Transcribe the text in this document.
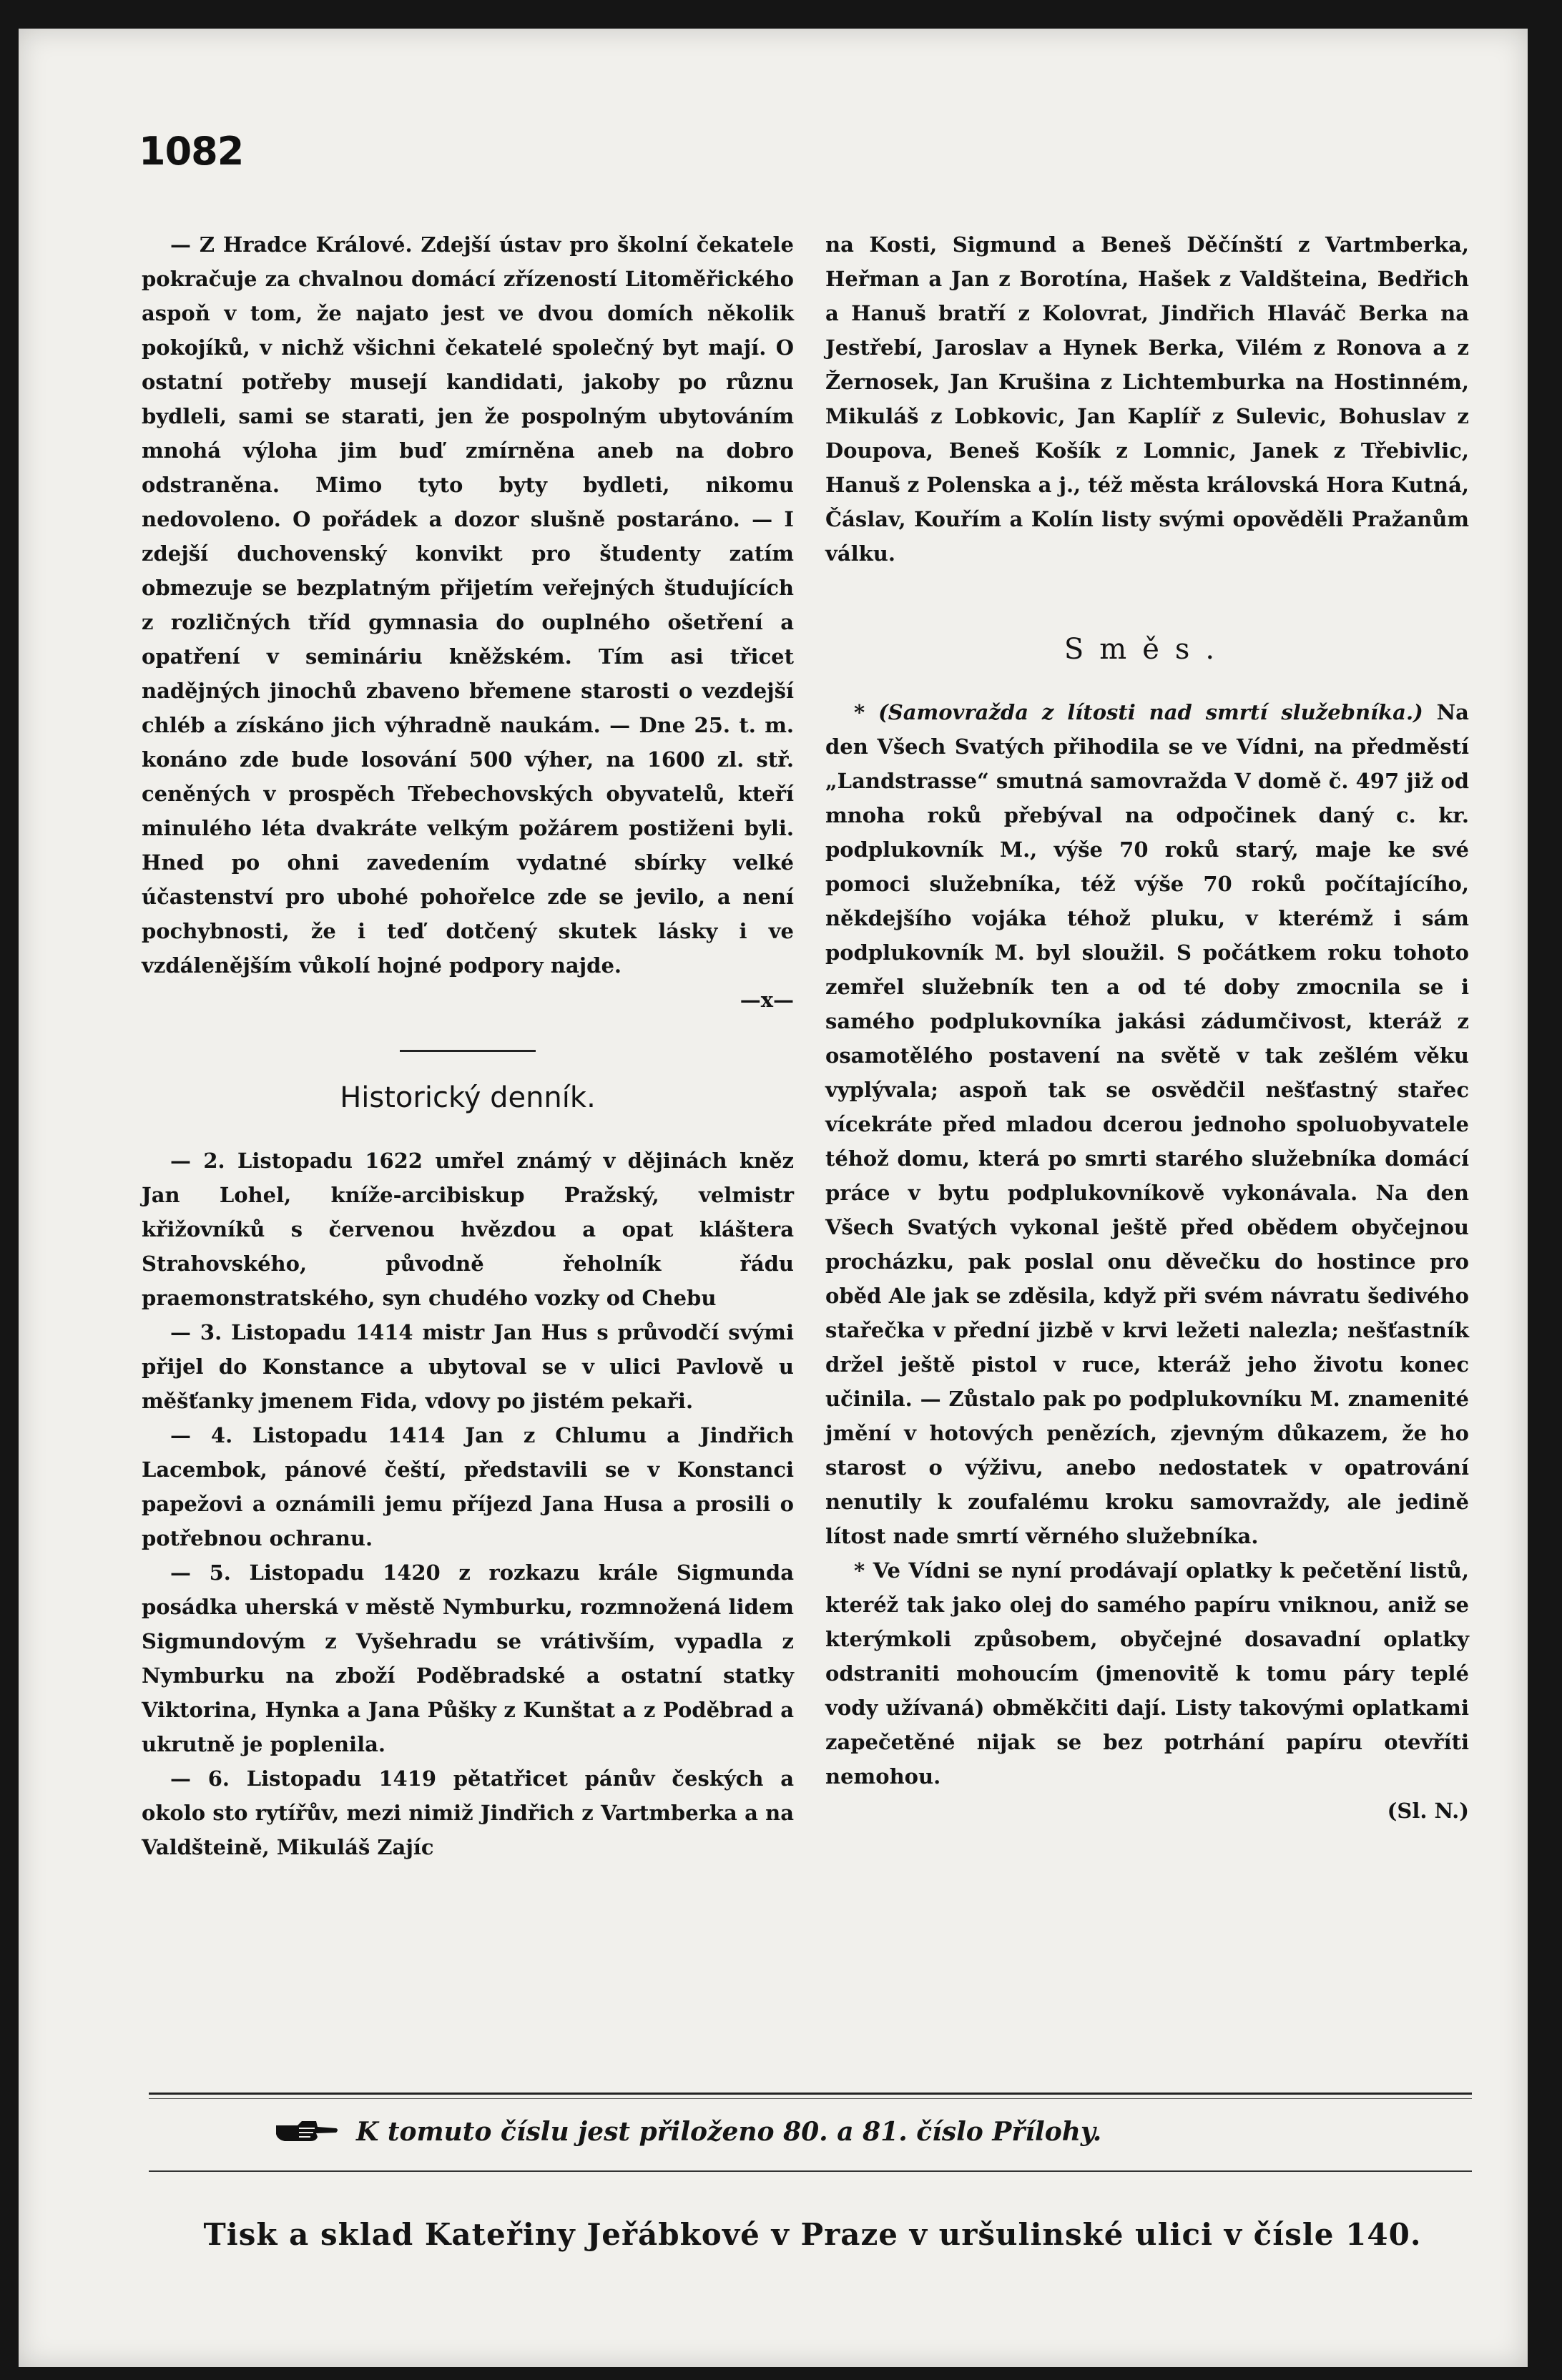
1082

— Z Hradce Králové. Zdejší ústav pro školní čekatele pokračuje za chvalnou domácí zřízeností Litoměřického aspoň v tom, že najato jest ve dvou domích několik pokojíků, v nichž všichni čekatelé společný byt mají. O ostatní potřeby musejí kandidati, jakoby po různu bydleli, sami se starati, jen že pospolným ubytováním mnohá výloha jim buď zmírněna aneb na dobro odstraněna. Mimo tyto byty bydleti, nikomu nedovoleno. O pořádek a dozor slušně postaráno. — I zdejší duchovenský konvikt pro študenty zatím obmezuje se bezplatným přijetím veřejných študujících z rozličných tříd gymnasia do ouplného ošetření a opatření v semináriu kněžském. Tím asi třicet nadějných jinochů zbaveno břemene starosti o vezdejší chléb a získáno jich výhradně naukám. — Dne 25. t. m. konáno zde bude losování 500 výher, na 1600 zl. stř. ceněných v prospěch Třebechovských obyvatelů, kteří minulého léta dvakráte velkým požárem postiženi byli. Hned po ohni zavedením vydatné sbírky velké účastenství pro ubohé pohořelce zde se jevilo, a není pochybnosti, že i teď dotčený skutek lásky i ve vzdálenějším vůkolí hojné podpory najde.

—x—

Historický denník.

— 2. Listopadu 1622 umřel známý v dějinách kněz Jan Lohel, kníže-arcibiskup Pražský, velmistr křižovníků s červenou hvězdou a opat kláštera Strahovského, původně řeholník řádu praemonstratského, syn chudého vozky od Chebu

— 3. Listopadu 1414 mistr Jan Hus s průvodčí svými přijel do Konstance a ubytoval se v ulici Pavlově u měšťanky jmenem Fida, vdovy po jistém pekaři.

— 4. Listopadu 1414 Jan z Chlumu a Jindřich Lacembok, pánové čeští, představili se v Konstanci papežovi a oznámili jemu příjezd Jana Husa a prosili o potřebnou ochranu.

— 5. Listopadu 1420 z rozkazu krále Sigmunda posádka uherská v městě Nymburku, rozmnožená lidem Sigmundovým z Vyšehradu se vrátivším, vypadla z Nymburku na zboží Poděbradské a ostatní statky Viktorina, Hynka a Jana Půšky z Kunštat a z Poděbrad a ukrutně je poplenila.

— 6. Listopadu 1419 pětatřicet pánův českých a okolo sto rytířův, mezi nimiž Jindřich z Vartmberka a na Valdšteině, Mikuláš Zajíc

na Kosti, Sigmund a Beneš Děčínští z Vartmberka, Heřman a Jan z Borotína, Hašek z Valdšteina, Bedřich a Hanuš bratří z Kolovrat, Jindřich Hlaváč Berka na Jestřebí, Jaroslav a Hynek Berka, Vilém z Ronova a z Žernosek, Jan Krušina z Lichtemburka na Hostinném, Mikuláš z Lobkovic, Jan Kaplíř z Sulevic, Bohuslav z Doupova, Beneš Košík z Lomnic, Janek z Třebivlic, Hanuš z Polenska a j., též města královská Hora Kutná, Čáslav, Kouřím a Kolín listy svými opověděli Pražanům válku.

Směs.

* (Samovražda z lítosti nad smrtí služebníka.) Na den Všech Svatých přihodila se ve Vídni, na předměstí „Landstrasse“ smutná samovražda V domě č. 497 již od mnoha roků přebýval na odpočinek daný c. kr. podplukovník M., výše 70 roků starý, maje ke své pomoci služebníka, též výše 70 roků počítajícího, někdejšího vojáka téhož pluku, v kterémž i sám podplukovník M. byl sloužil. S počátkem roku tohoto zemřel služebník ten a od té doby zmocnila se i samého podplukovníka jakási zádumčivost, kteráž z osamotělého postavení na světě v tak zešlém věku vyplývala; aspoň tak se osvědčil nešťastný stařec vícekráte před mladou dcerou jednoho spoluobyvatele téhož domu, která po smrti starého služebníka domácí práce v bytu podplukovníkově vykonávala. Na den Všech Svatých vykonal ještě před obědem obyčejnou procházku, pak poslal onu děvečku do hostince pro oběd Ale jak se zděsila, když při svém návratu šedivého stařečka v přední jizbě v krvi ležeti nalezla; nešťastník držel ještě pistol v ruce, kteráž jeho životu konec učinila. — Zůstalo pak po podplukovníku M. znamenité jmění v hotových penězích, zjevným důkazem, že ho starost o výživu, anebo nedostatek v opatrování nenutily k zoufalému kroku samovraždy, ale jedině lítost nade smrtí věrného služebníka.

* Ve Vídni se nyní prodávají oplatky k pečetění listů, kteréž tak jako olej do samého papíru vniknou, aniž se kterýmkoli způsobem, obyčejné dosavadní oplatky odstraniti mohoucím (jmenovitě k tomu páry teplé vody užívaná) obměkčiti dají. Listy takovými oplatkami zapečetěné nijak se bez potrhání papíru otevříti nemohou.

(Sl. N.)

K tomuto číslu jest přiloženo 80. a 81. číslo Přílohy.
Tisk a sklad Kateřiny Jeřábkové v Praze v uršulinské ulici v čísle 140.
